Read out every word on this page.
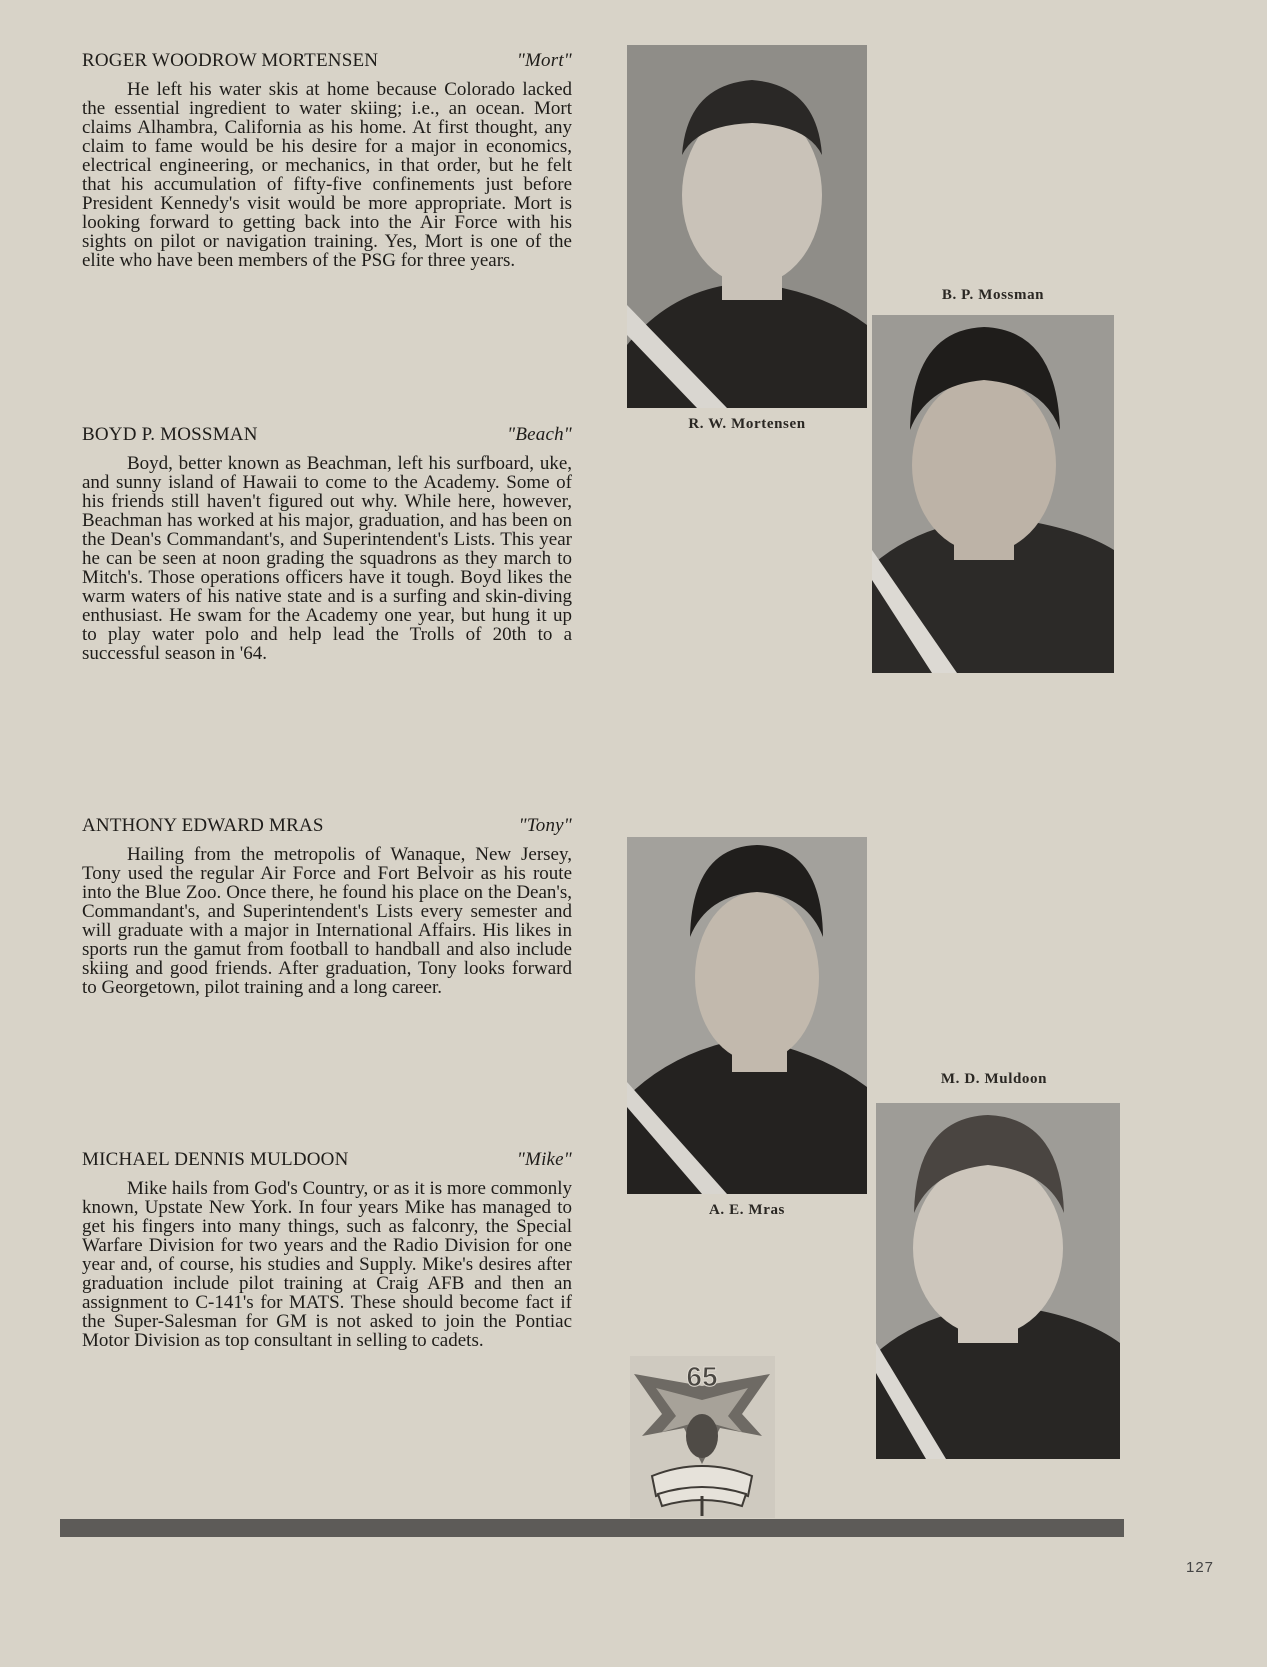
ROGER WOODROW MORTENSEN	"Mort"

He left his water skis at home because Colorado lacked the essential ingredient to water skiing; i.e., an ocean. Mort claims Alhambra, California as his home. At first thought, any claim to fame would be his desire for a major in economics, electrical engineering, or mechanics, in that order, but he felt that his accumulation of fifty-five confinements just before President Kennedy's visit would be more appropriate. Mort is looking forward to getting back into the Air Force with his sights on pilot or navigation training. Yes, Mort is one of the elite who have been members of the PSG for three years.

BOYD P. MOSSMAN	"Beach"

Boyd, better known as Beachman, left his surfboard, uke, and sunny island of Hawaii to come to the Academy. Some of his friends still haven't figured out why. While here, however, Beachman has worked at his major, graduation, and has been on the Dean's Commandant's, and Superintendent's Lists. This year he can be seen at noon grading the squadrons as they march to Mitch's. Those operations officers have it tough. Boyd likes the warm waters of his native state and is a surfing and skin-diving enthusiast. He swam for the Academy one year, but hung it up to play water polo and help lead the Trolls of 20th to a successful season in '64.

ANTHONY EDWARD MRAS	"Tony"

Hailing from the metropolis of Wanaque, New Jersey, Tony used the regular Air Force and Fort Belvoir as his route into the Blue Zoo. Once there, he found his place on the Dean's, Commandant's, and Superintendent's Lists every semester and will graduate with a major in International Affairs. His likes in sports run the gamut from football to handball and also include skiing and good friends. After graduation, Tony looks forward to Georgetown, pilot training and a long career.

MICHAEL DENNIS MULDOON	"Mike"

Mike hails from God's Country, or as it is more commonly known, Upstate New York. In four years Mike has managed to get his fingers into many things, such as falconry, the Special Warfare Division for two years and the Radio Division for one year and, of course, his studies and Supply. Mike's desires after graduation include pilot training at Craig AFB and then an assignment to C-141's for MATS. These should become fact if the Super-Salesman for GM is not asked to join the Pontiac Motor Division as top consultant in selling to cadets.

R. W. Mortensen
B. P. Mossman
A. E. Mras
M. D. Muldoon
65
127
